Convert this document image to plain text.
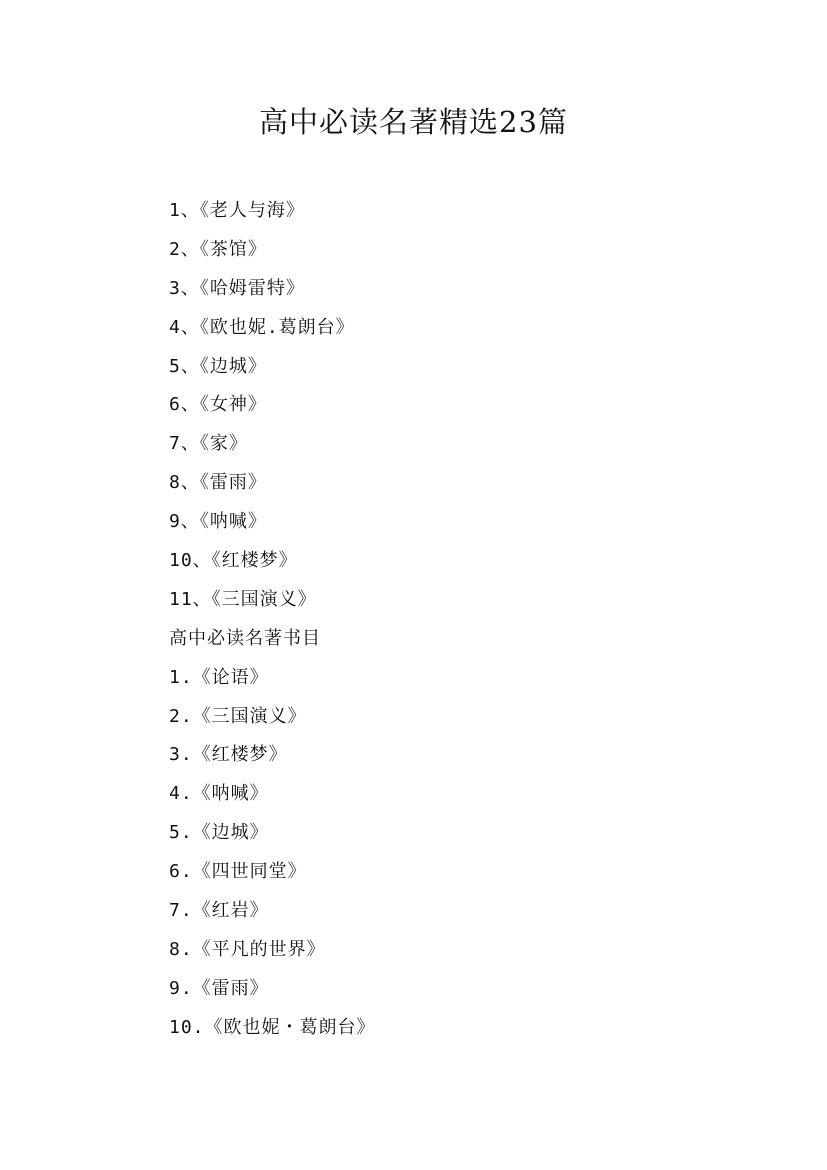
高中必读名著精选23篇
1、《老人与海》
2、《茶馆》
3、《哈姆雷特》
4、《欧也妮.葛朗台》
5、《边城》
6、《女神》
7、《家》
8、《雷雨》
9、《呐喊》
10、《红楼梦》
11、《三国演义》
高中必读名著书目
1.《论语》
2.《三国演义》
3.《红楼梦》
4.《呐喊》
5.《边城》
6.《四世同堂》
7.《红岩》
8.《平凡的世界》
9.《雷雨》
10.《欧也妮・葛朗台》
